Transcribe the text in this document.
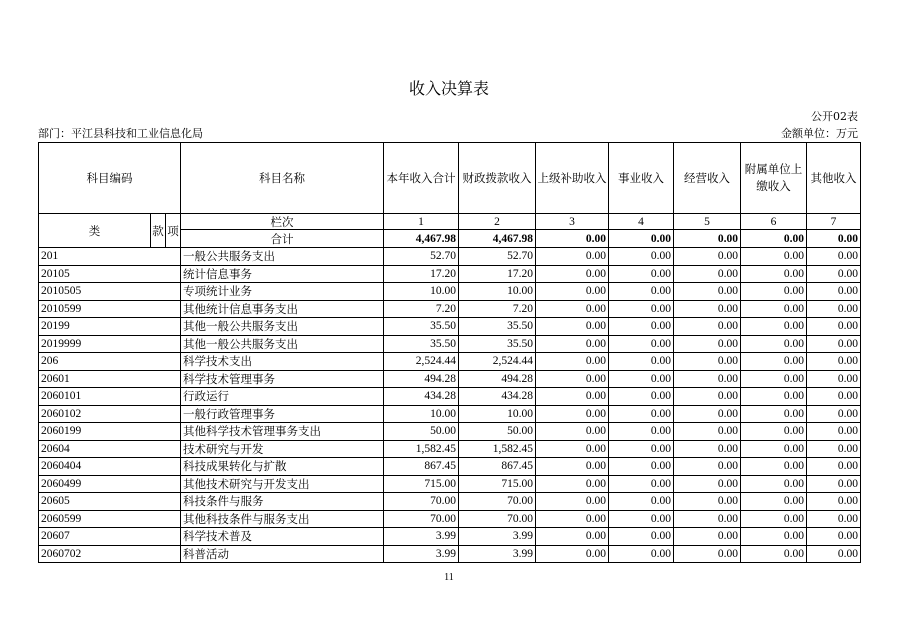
收入决算表
公开02表
部门：平江县科技和工业信息化局	金额单位：万元
科目编码			科目名称	本年收入合计	财政拨款收入	上级补助收入	事业收入	经营收入	附属单位上缴收入	其他收入
类	款	项	栏次	1	2	3	4	5	6	7
			合计	4,467.98	4,467.98	0.00	0.00	0.00	0.00	0.00
201			一般公共服务支出	52.70	52.70	0.00	0.00	0.00	0.00	0.00
20105			统计信息事务	17.20	17.20	0.00	0.00	0.00	0.00	0.00
2010505			专项统计业务	10.00	10.00	0.00	0.00	0.00	0.00	0.00
2010599			其他统计信息事务支出	7.20	7.20	0.00	0.00	0.00	0.00	0.00
20199			其他一般公共服务支出	35.50	35.50	0.00	0.00	0.00	0.00	0.00
2019999			其他一般公共服务支出	35.50	35.50	0.00	0.00	0.00	0.00	0.00
206			科学技术支出	2,524.44	2,524.44	0.00	0.00	0.00	0.00	0.00
20601			科学技术管理事务	494.28	494.28	0.00	0.00	0.00	0.00	0.00
2060101			行政运行	434.28	434.28	0.00	0.00	0.00	0.00	0.00
2060102			一般行政管理事务	10.00	10.00	0.00	0.00	0.00	0.00	0.00
2060199			其他科学技术管理事务支出	50.00	50.00	0.00	0.00	0.00	0.00	0.00
20604			技术研究与开发	1,582.45	1,582.45	0.00	0.00	0.00	0.00	0.00
2060404			科技成果转化与扩散	867.45	867.45	0.00	0.00	0.00	0.00	0.00
2060499			其他技术研究与开发支出	715.00	715.00	0.00	0.00	0.00	0.00	0.00
20605			科技条件与服务	70.00	70.00	0.00	0.00	0.00	0.00	0.00
2060599			其他科技条件与服务支出	70.00	70.00	0.00	0.00	0.00	0.00	0.00
20607			科学技术普及	3.99	3.99	0.00	0.00	0.00	0.00	0.00
2060702			科普活动	3.99	3.99	0.00	0.00	0.00	0.00	0.00
11
